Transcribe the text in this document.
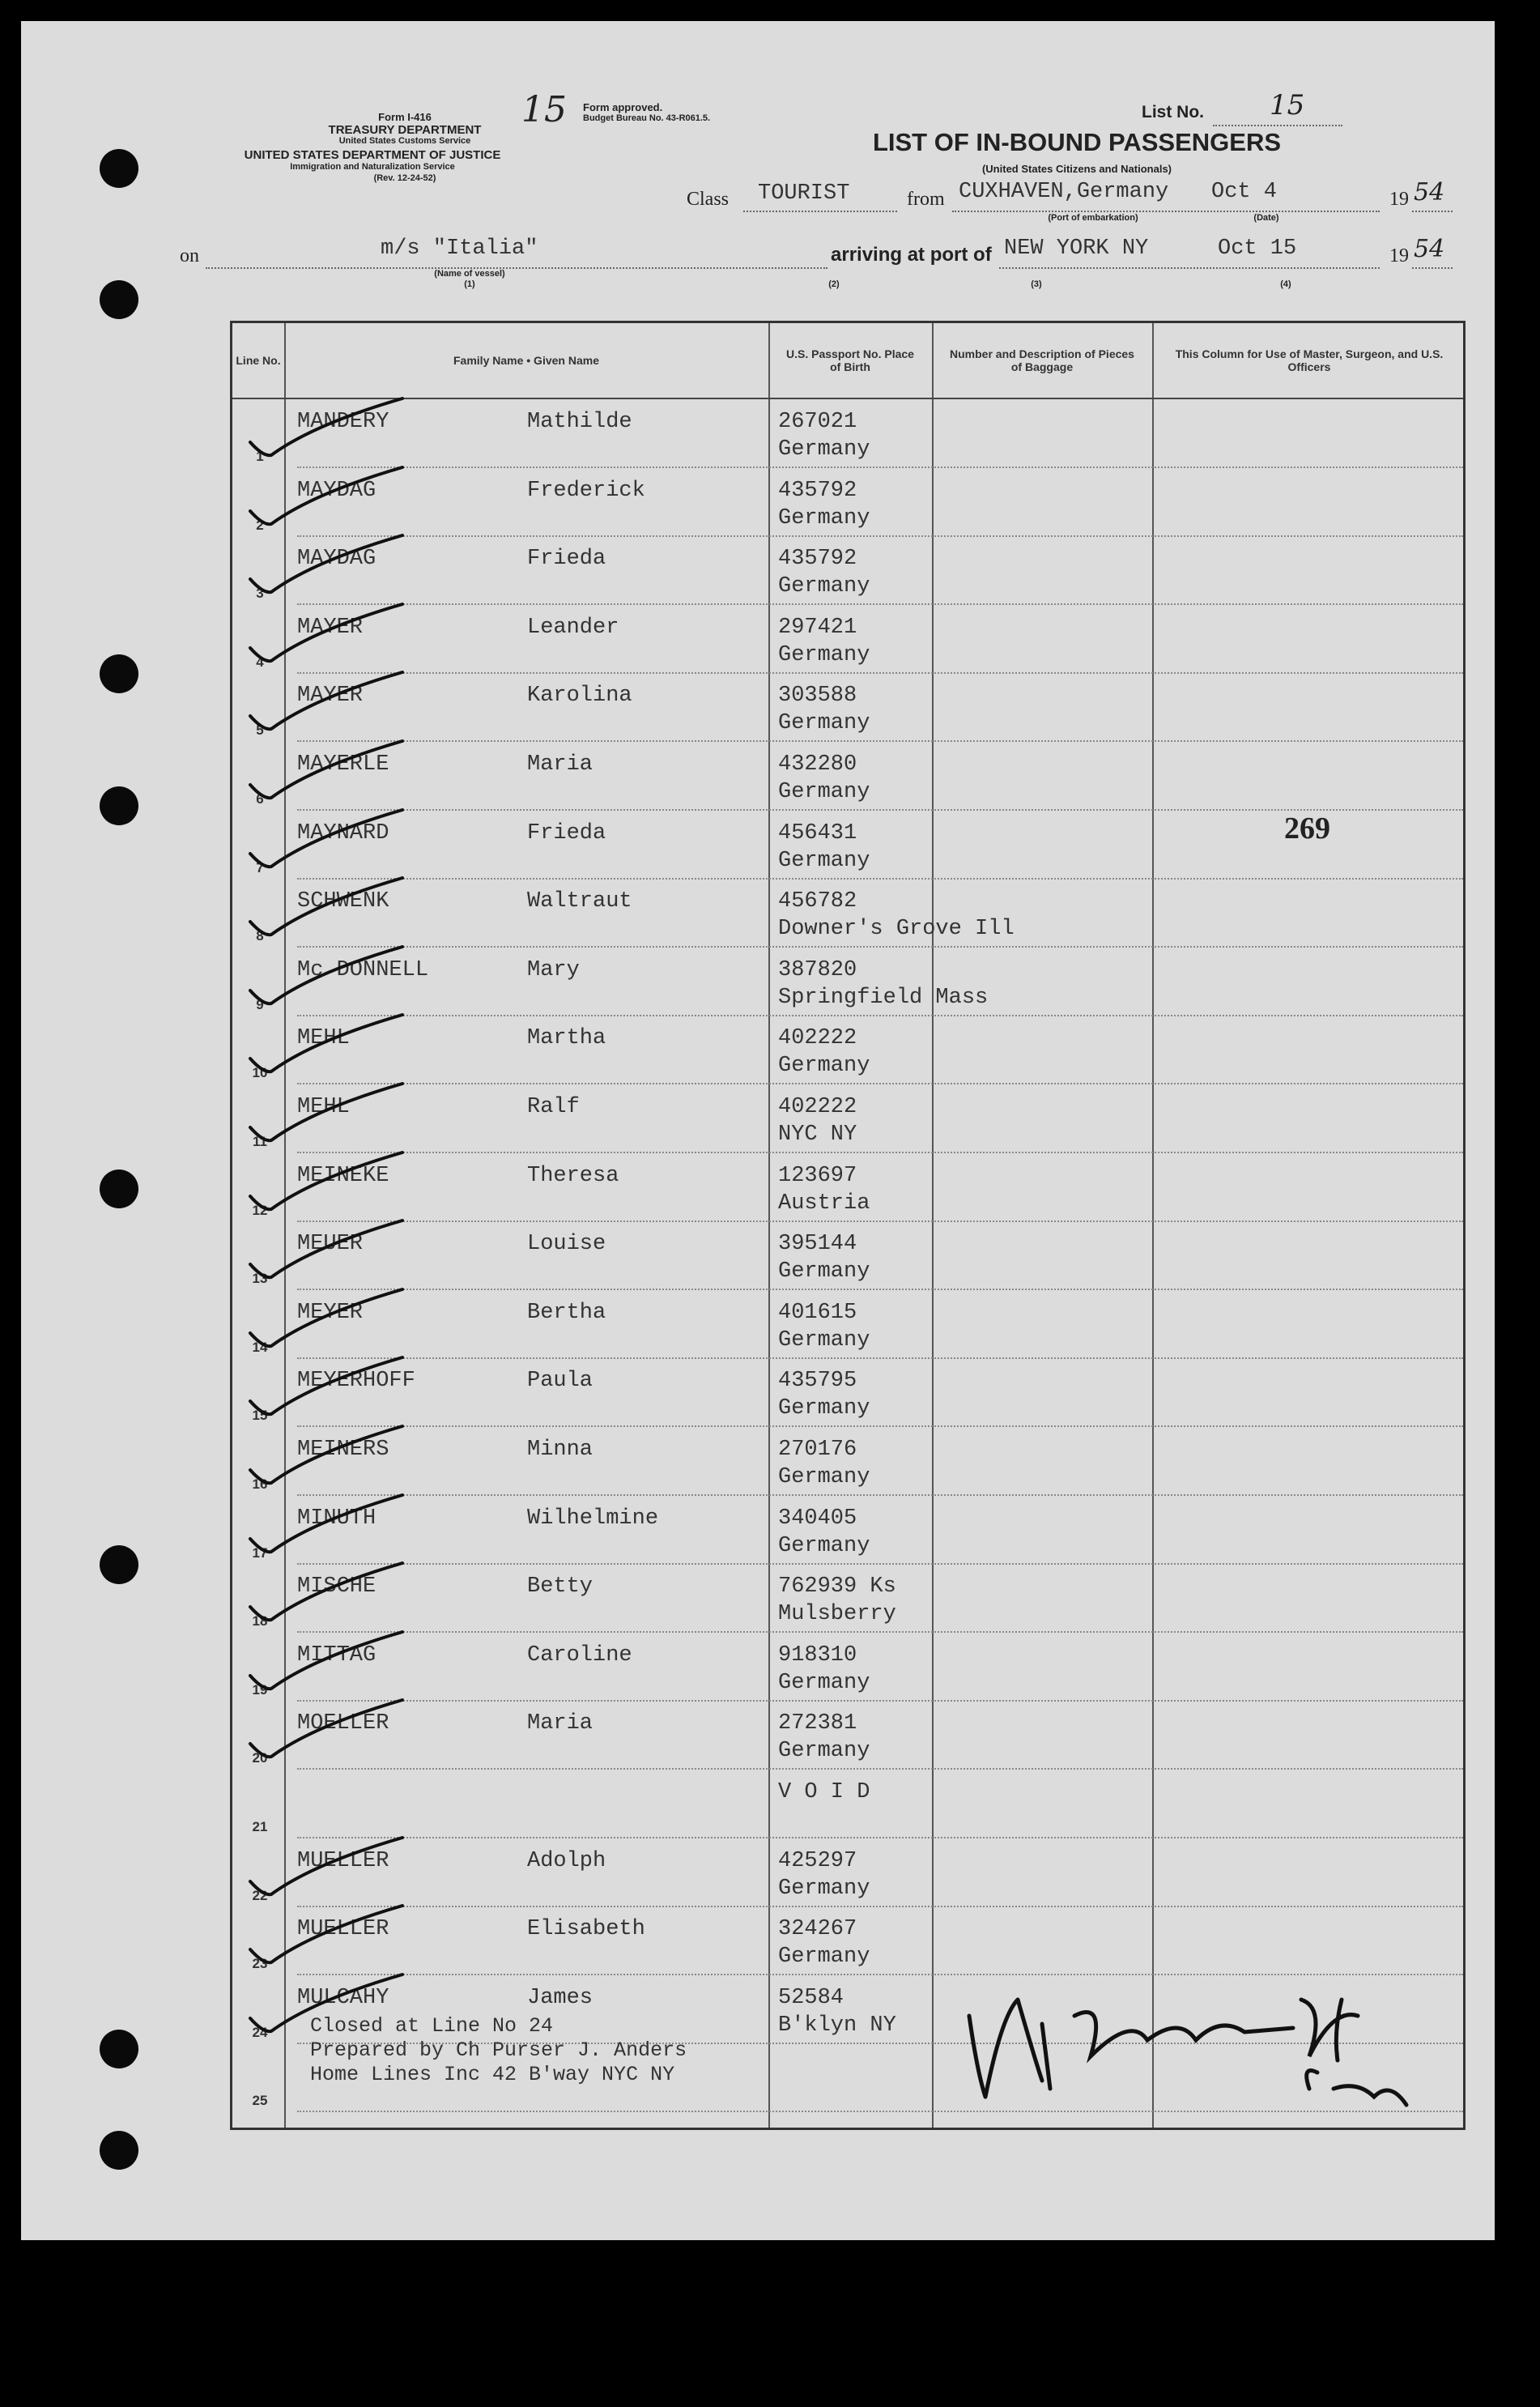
Form I-416
TREASURY DEPARTMENT
United States Customs Service
UNITED STATES DEPARTMENT OF JUSTICE
Immigration and Naturalization Service
(Rev. 12-24-52)
15 Form approved.
Budget Bureau No. 43-R061.5.	List No. 15
LIST OF IN-BOUND PASSENGERS
(United States Citizens and Nationals)
Class TOURIST	from CUXHAVEN,Germany Oct 4
(Port of embarkation)	(Date)
19 54
on	m/s "Italia"
(Name of vessel)
(1)
arriving at port of NEW YORK NY	Oct 15	19 54
(2)	(3)	(4)
Line No.	Family Name • Given Name
U.S. Passport No. Place of Birth
Number and Description of Pieces of Baggage
This Column for Use of Master, Surgeon, and U.S. Officers
1
MANDERY	Mathilde	267021
Germany
2
MAYDAG	Frederick	435792
Germany
3
MAYDAG	Frieda	435792
Germany
4
MAYER	Leander	297421
Germany
5
MAYER	Karolina	303588
Germany
6
MAYERLE	Maria	432280
Germany
7
MAYNARD	Frieda	456431
Germany
8
SCHWENK	Waltraut	456782
Downer's Grove Ill
9
Mc DONNELL	Mary	387820
Springfield Mass
10
MEHL	Martha	402222
Germany
11
MEHL	Ralf	402222
NYC NY
12
MEINEKE	Theresa	123697
Austria
13
MEUER	Louise	395144
Germany
14
MEYER	Bertha	401615
Germany
15
MEYERHOFF	Paula	435795
Germany
16
MEINERS	Minna	270176
Germany
17
MINUTH	Wilhelmine	340405
Germany
18
MISCHE	Betty	762939 Ks
Mulsberry
19
MITTAG	Caroline	918310
Germany
20
MOELLER	Maria	272381
Germany
21
V O I D
22
MUELLER	Adolph	425297
Germany
23
MUELLER	Elisabeth	324267
Germany
24
MULCAHY	James	52584
B'klyn NY
25
Closed at Line No 24
Prepared by Ch Purser J. Anders
Home Lines Inc 42 B'way NYC NY
269
